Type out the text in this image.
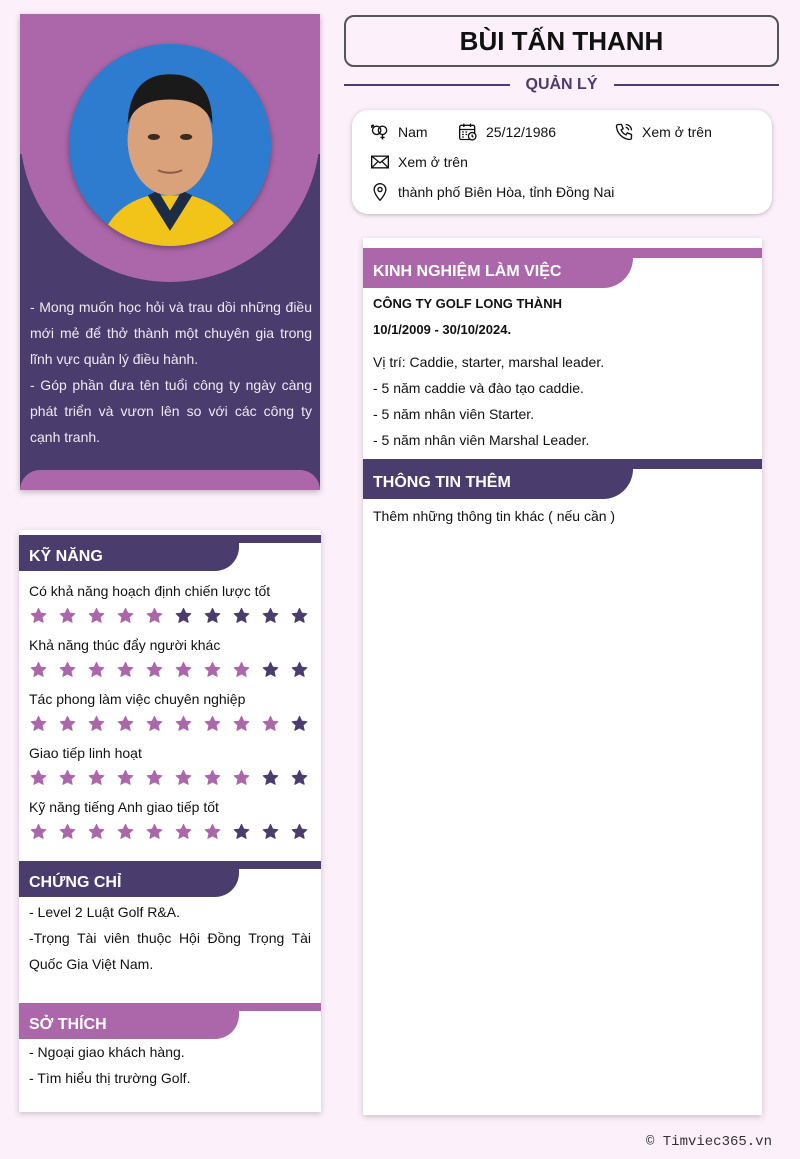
- Mong muốn học hỏi và trau dồi những điều mới mẻ để thở thành một chuyên gia trong lĩnh vực quản lý điều hành.

- Góp phần đưa tên tuổi công ty ngày càng phát triển và vươn lên so với các công ty cạnh tranh.

KỸ NĂNG
Có khả năng hoạch định chiến lược tốt
Khả năng thúc đẩy người khác
Tác phong làm việc chuyên nghiệp
Giao tiếp linh hoạt
Kỹ năng tiếng Anh giao tiếp tốt
CHỨNG CHỈ
- Level 2 Luật Golf R&A.
-Trọng Tài viên thuộc Hội Đồng Trọng Tài Quốc Gia Việt Nam.
SỞ THÍCH
- Ngoại giao khách hàng.
- Tìm hiểu thị trường Golf.
BÙI TẤN THANH
QUẢN LÝ
Nam	25/12/1986	Xem ở trên
Xem ở trên
thành phố Biên Hòa, tỉnh Đồng Nai
KINH NGHIỆM LÀM VIỆC
CÔNG TY GOLF LONG THÀNH
10/1/2009 - 30/10/2024.
Vị trí: Caddie, starter, marshal leader.
- 5 năm caddie và đào tạo caddie.
- 5 năm nhân viên Starter.
- 5 năm nhân viên Marshal Leader.
THÔNG TIN THÊM
Thêm những thông tin khác ( nếu cần )
© Timviec365.vn
